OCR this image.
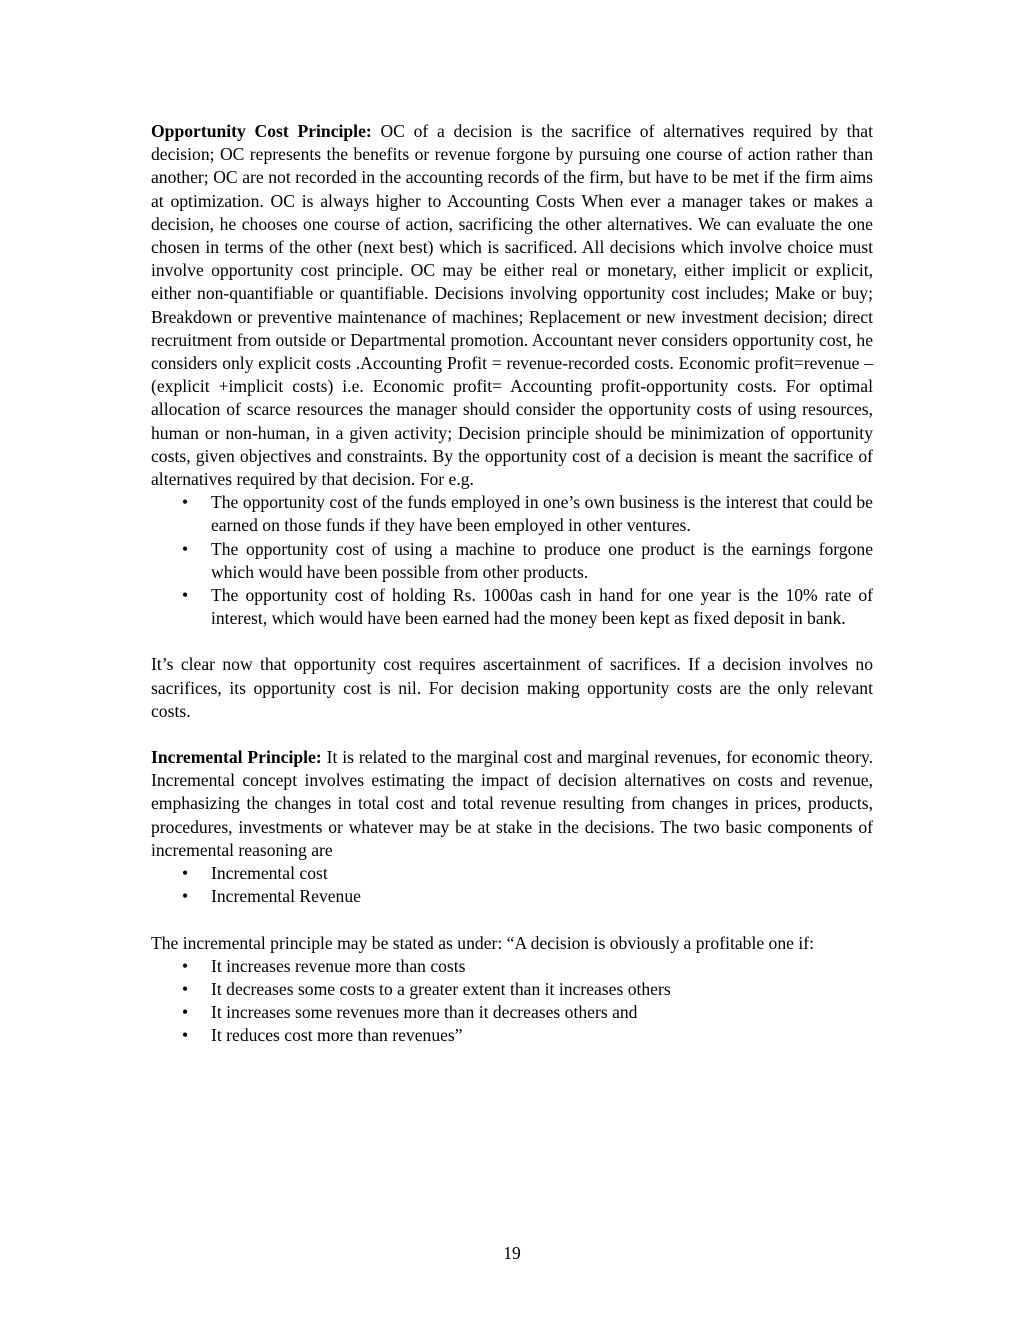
Opportunity Cost Principle: OC of a decision is the sacrifice of alternatives required by that decision; OC represents the benefits or revenue forgone by pursuing one course of action rather than another; OC are not recorded in the accounting records of the firm, but have to be met if the firm aims at optimization. OC is always higher to Accounting Costs When ever a manager takes or makes a decision, he chooses one course of action, sacrificing the other alternatives. We can evaluate the one chosen in terms of the other (next best) which is sacrificed. All decisions which involve choice must involve opportunity cost principle. OC may be either real or monetary, either implicit or explicit, either non-quantifiable or quantifiable. Decisions involving opportunity cost includes; Make or buy; Breakdown or preventive maintenance of machines; Replacement or new investment decision; direct recruitment from outside or Departmental promotion. Accountant never considers opportunity cost, he considers only explicit costs .Accounting Profit = revenue-recorded costs. Economic profit=revenue – (explicit +implicit costs) i.e. Economic profit= Accounting profit-opportunity costs. For optimal allocation of scarce resources the manager should consider the opportunity costs of using resources, human or non-human, in a given activity; Decision principle should be minimization of opportunity costs, given objectives and constraints. By the opportunity cost of a decision is meant the sacrifice of alternatives required by that decision. For e.g.

• The opportunity cost of the funds employed in one’s own business is the interest that could be earned on those funds if they have been employed in other ventures.
• The opportunity cost of using a machine to produce one product is the earnings forgone which would have been possible from other products.
• The opportunity cost of holding Rs. 1000as cash in hand for one year is the 10% rate of interest, which would have been earned had the money been kept as fixed deposit in bank.

It’s clear now that opportunity cost requires ascertainment of sacrifices. If a decision involves no sacrifices, its opportunity cost is nil. For decision making opportunity costs are the only relevant costs.

Incremental Principle: It is related to the marginal cost and marginal revenues, for economic theory. Incremental concept involves estimating the impact of decision alternatives on costs and revenue, emphasizing the changes in total cost and total revenue resulting from changes in prices, products, procedures, investments or whatever may be at stake in the decisions. The two basic components of incremental reasoning are

• Incremental cost
• Incremental Revenue

The incremental principle may be stated as under: “A decision is obviously a profitable one if:

• It increases revenue more than costs
• It decreases some costs to a greater extent than it increases others
• It increases some revenues more than it decreases others and
• It reduces cost more than revenues”
19
